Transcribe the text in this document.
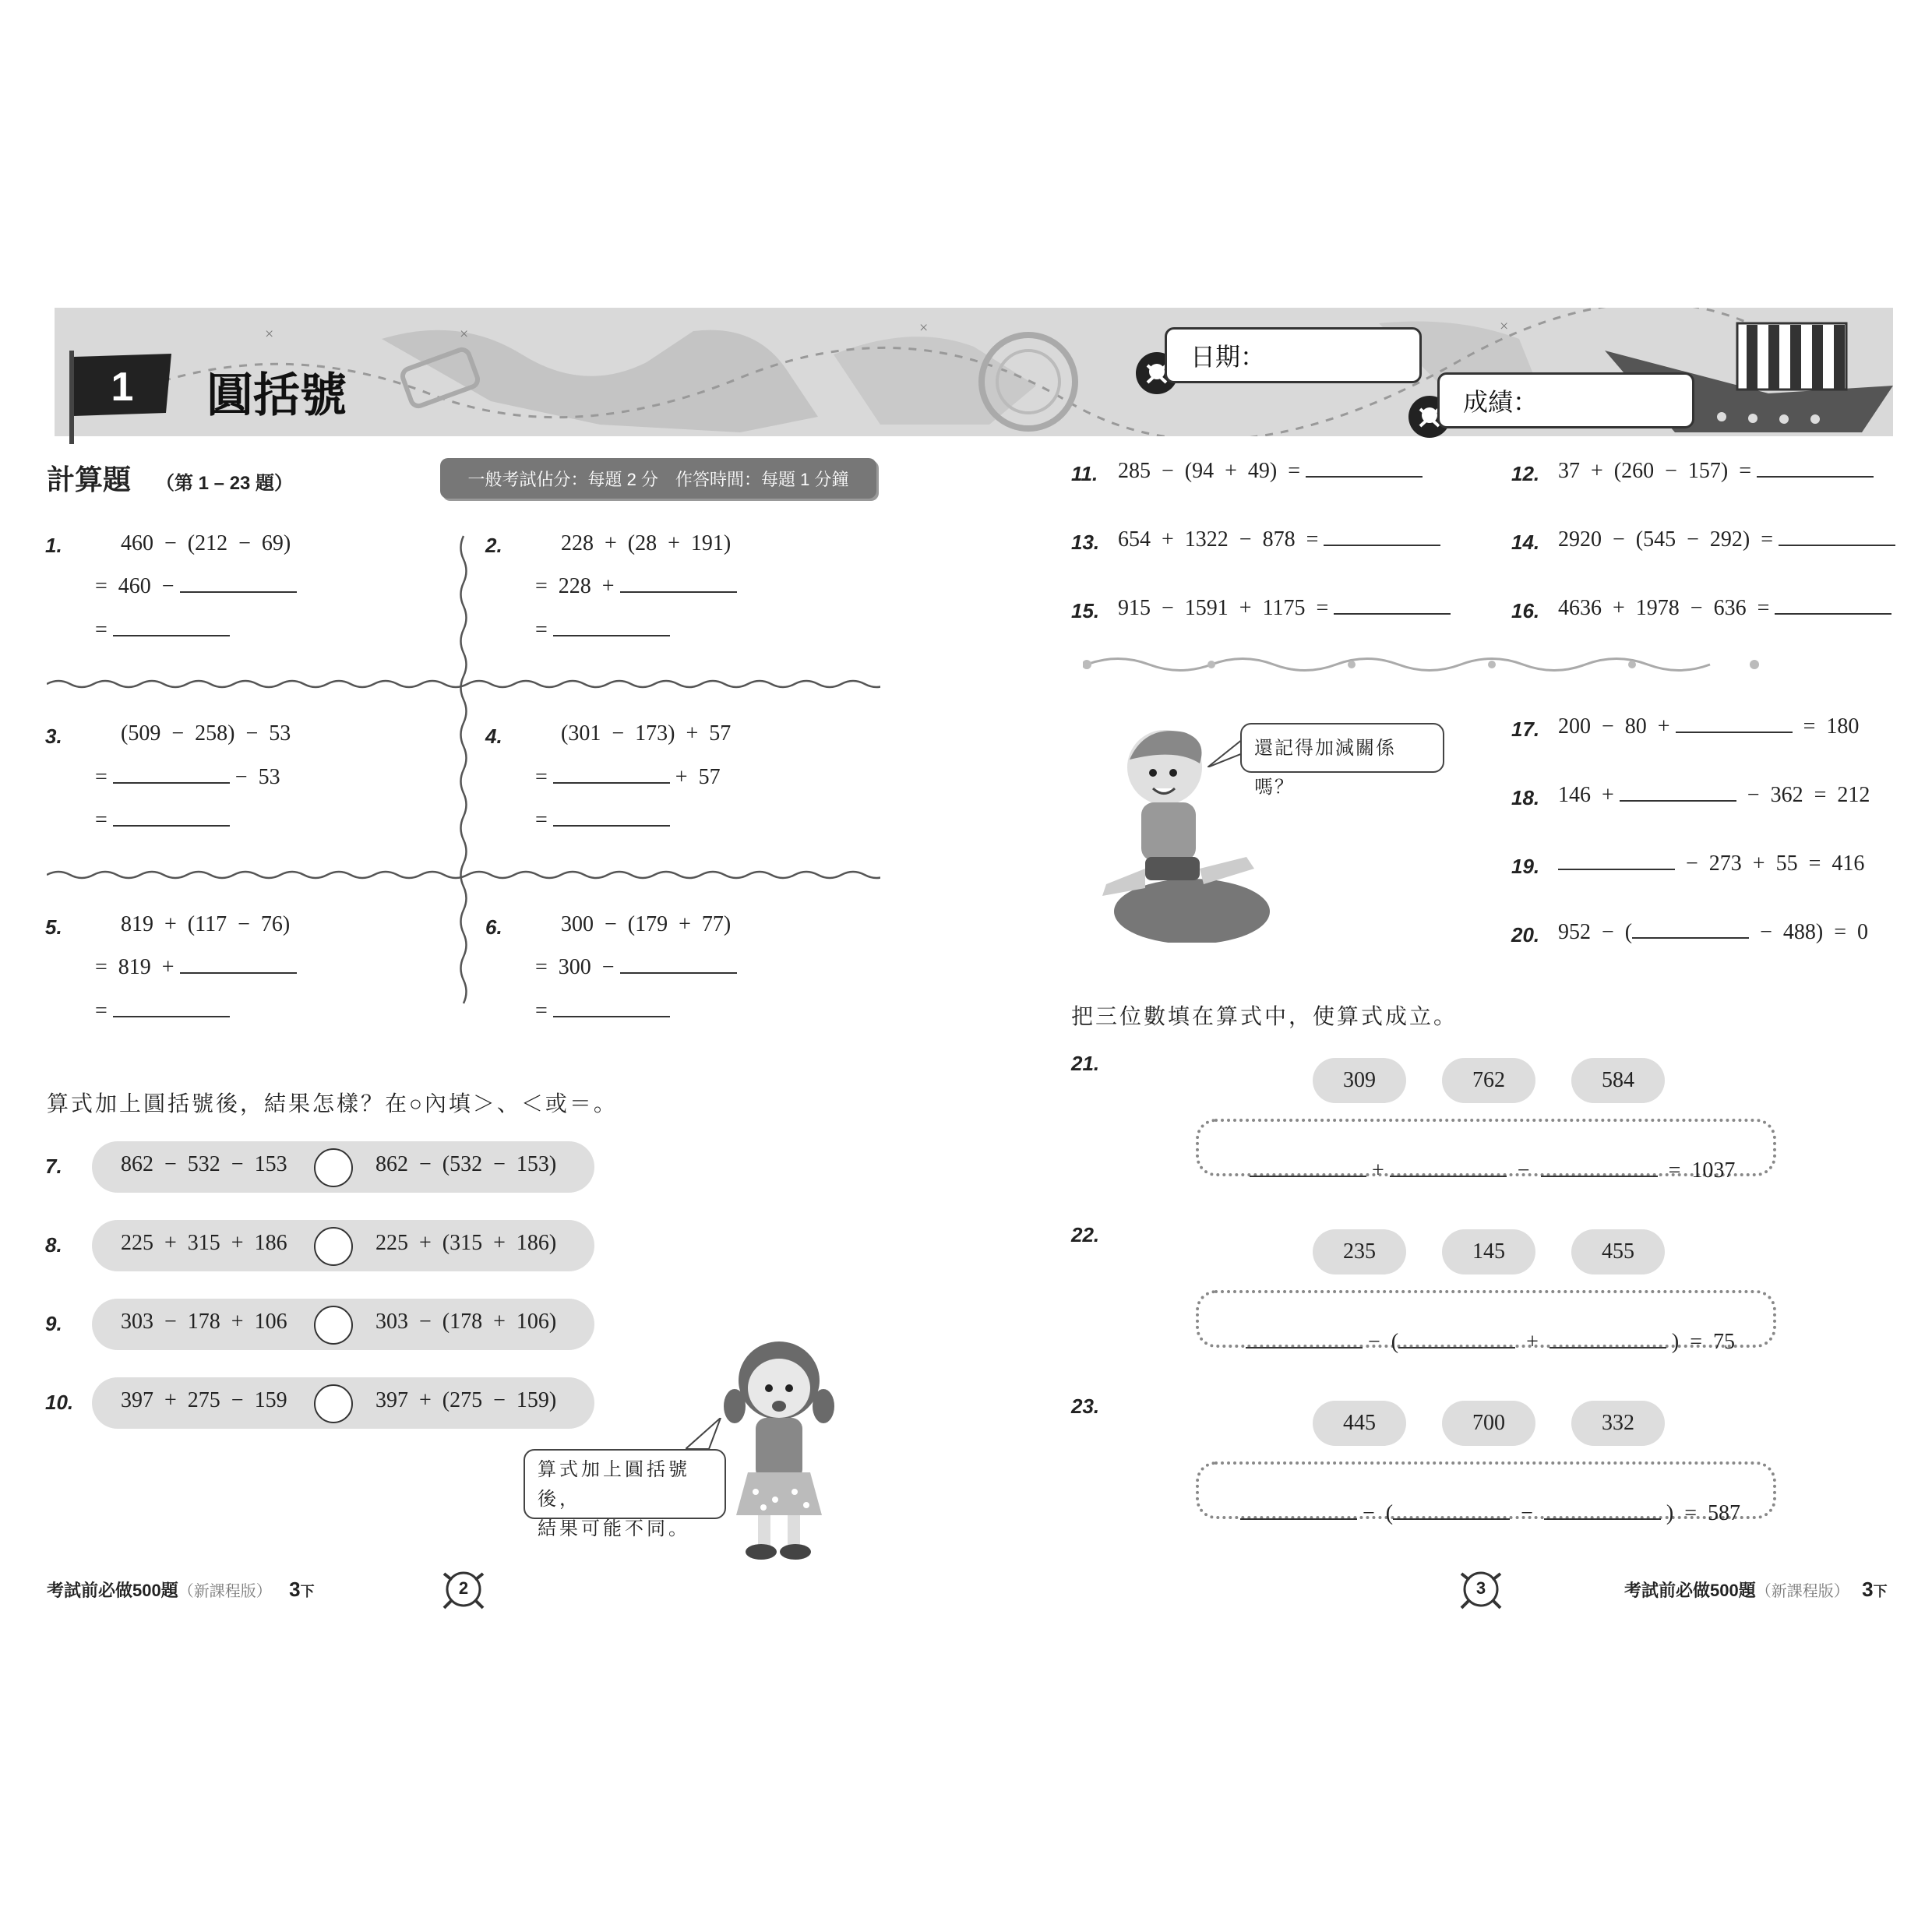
×	×	×	×
1 圓括號
日期：
成績：
計算題 （第 1 – 23 題）	一般考試佔分：每題 2 分　作答時間：每題 1 分鐘
1.	460  −  (212  −  69)
=  460  −
=
2.	228  +  (28  +  191)
=  228  +
=
3.	(509  −  258)  −  53
=	−  53
=
4.	(301  −  173)  +  57
=	+  57
=
5.	819  +  (117  −  76)
=  819  +
=
6.	300  −  (179  +  77)
=  300  −
=
算式加上圓括號後，結果怎樣？在○內填＞、＜或＝。
7.	862  −  532  −  153	862  −  (532  −  153)
8.	225  +  315  +  186	225  +  (315  +  186)
9.	303  −  178  +  106	303  −  (178  +  106)
10. 397  +  275  −  159	397  +  (275  −  159)
算式加上圓括號後，
結果可能不同。
考試前必做500題（新課程版） 3下	2
11. 285  −  (94  +  49)  =	12. 37  +  (260  −  157)  =
13. 654  +  1322  −  878  =	14. 2920  −  (545  −  292)  =
15. 915  −  1591  +  1175  =	16. 4636  +  1978  −  636  =
還記得加減關係嗎？
17. 200  −  80  +	=  180
18. 146  +	−  362  =  212
19.	−  273  +  55  =  416
20. 952  −  (	−  488)  =  0
把三位數填在算式中，使算式成立。
21.
309	762	584

+	−	=  1037

22.
235	145	455

−  (	+	)  =  75

23.
445	700	332

−  (	−	)  =  587

3	考試前必做500題（新課程版） 3下
